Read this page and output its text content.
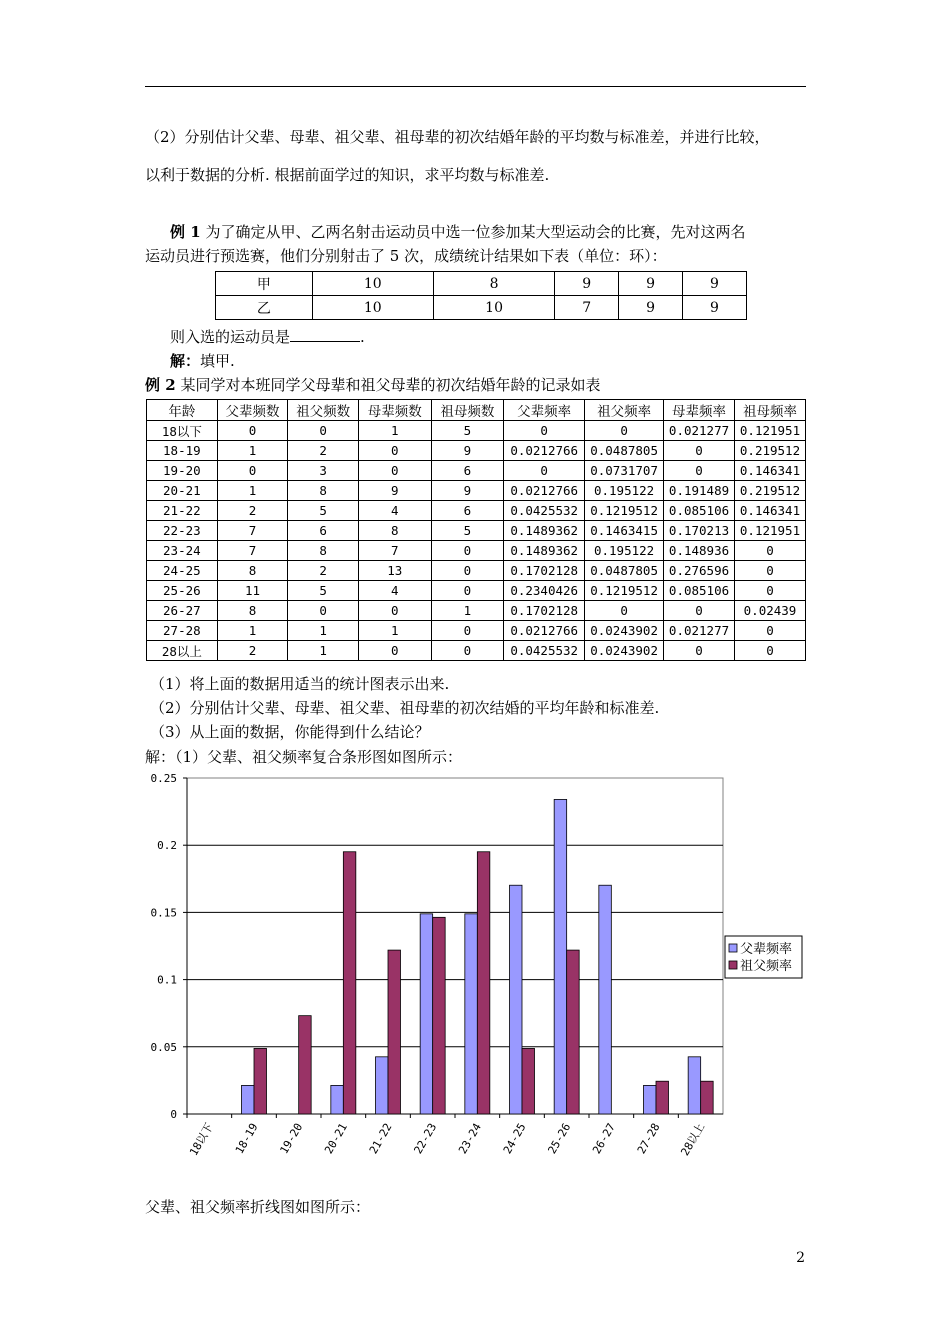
（2）分别估计父辈、母辈、祖父辈、祖母辈的初次结婚年龄的平均数与标准差，并进行比较，
以利于数据的分析. 根据前面学过的知识，求平均数与标准差.
例 1 为了确定从甲、乙两名射击运动员中选一位参加某大型运动会的比赛，先对这两名
运动员进行预选赛，他们分别射击了 5 次，成绩统计结果如下表（单位：环）：
甲	10	8	9	9	9
乙	10	10	7	9	9
则入选的运动员是	.
解：填甲.
例 2 某同学对本班同学父母辈和祖父母辈的初次结婚年龄的记录如表
年龄	父辈频数	祖父频数	母辈频数	祖母频数	父辈频率	祖父频率	母辈频率	祖母频率
18以下	0	0	1	5	0	0	0.021277	0.121951
18-19	1	2	0	9	0.0212766	0.0487805	0	0.219512
19-20	0	3	0	6	0	0.0731707	0	0.146341
20-21	1	8	9	9	0.0212766	0.195122	0.191489	0.219512
21-22	2	5	4	6	0.0425532	0.1219512	0.085106	0.146341
22-23	7	6	8	5	0.1489362	0.1463415	0.170213	0.121951
23-24	7	8	7	0	0.1489362	0.195122	0.148936	0
24-25	8	2	13	0	0.1702128	0.0487805	0.276596	0
25-26	11	5	4	0	0.2340426	0.1219512	0.085106	0
26-27	8	0	0	1	0.1702128	0	0	0.02439
27-28	1	1	1	0	0.0212766	0.0243902	0.021277	0
28以上	2	1	0	0	0.0425532	0.0243902	0	0
（1）将上面的数据用适当的统计图表示出来.
（2）分别估计父辈、母辈、祖父辈、祖母辈的初次结婚的平均年龄和标准差.
（3）从上面的数据，你能得到什么结论？
解：（1）父辈、祖父频率复合条形图如图所示：
0
0.05
0.1
0.15
0.2
0.25
18以下 18-19 19-20 20-21 21-22 22-23 23-24 24-25 25-26 26-27 27-28 28以上
父辈频率
祖父频率
父辈、祖父频率折线图如图所示：
2
